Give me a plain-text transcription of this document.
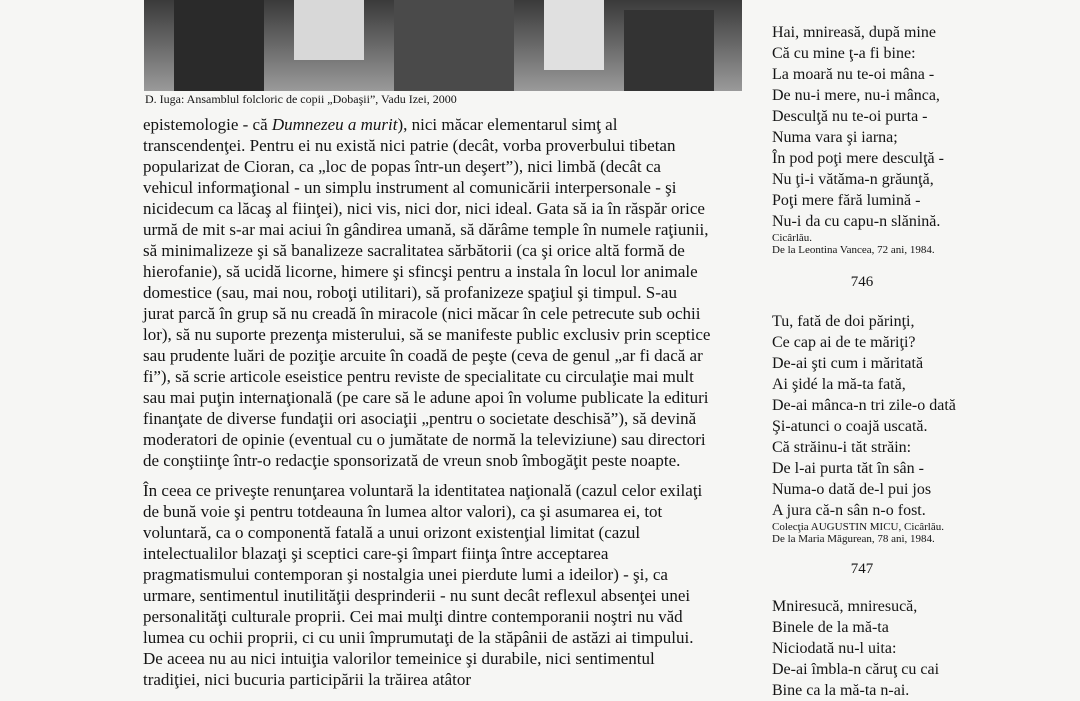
D. Iuga: Ansamblul folcloric de copii „Dobaşii”, Vadu Izei, 2000

epistemologie - că Dumnezeu a murit), nici măcar elementarul simţ al
transcendenţei. Pentru ei nu există nici patrie (decât, vorba proverbului tibetan
popularizat de Cioran, ca „loc de popas într-un deşert”), nici limbă (decât ca
vehicul informaţional - un simplu instrument al comunicării interpersonale - şi
nicidecum ca lăcaş al fiinţei), nici vis, nici dor, nici ideal. Gata să ia în răspăr orice
urmă de mit s-ar mai aciui în gândirea umană, să dărâme temple în numele raţiunii,
să minimalizeze şi să banalizeze sacralitatea sărbătorii (ca şi orice altă formă de
hierofanie), să ucidă licorne, himere şi sfincşi pentru a instala în locul lor animale
domestice (sau, mai nou, roboţi utilitari), să profanizeze spaţiul şi timpul. S-au
jurat parcă în grup să nu creadă în miracole (nici măcar în cele petrecute sub ochii
lor), să nu suporte prezenţa misterului, să se manifeste public exclusiv prin sceptice
sau prudente luări de poziţie arcuite în coadă de peşte (ceva de genul „ar fi dacă ar
fi”), să scrie articole eseistice pentru reviste de specialitate cu circulaţie mai mult
sau mai puţin internaţională (pe care să le adune apoi în volume publicate la edituri
finanţate de diverse fundaţii ori asociaţii „pentru o societate deschisă”), să devină
moderatori de opinie (eventual cu o jumătate de normă la televiziune) sau directori
de conştiinţe într-o redacţie sponsorizată de vreun snob îmbogăţit peste noapte.

În ceea ce priveşte renunţarea voluntară la identitatea naţională (cazul celor exilaţi
de bună voie şi pentru totdeauna în lumea altor valori), ca şi asumarea ei, tot
voluntară, ca o componentă fatală a unui orizont existenţial limitat (cazul
intelectualilor blazaţi şi sceptici care-şi împart fiinţa între acceptarea
pragmatismului contemporan şi nostalgia unei pierdute lumi a ideilor) - şi, ca
urmare, sentimentul inutilităţii desprinderii - nu sunt decât reflexul absenţei unei
personalităţi culturale proprii. Cei mai mulţi dintre contemporanii noştri nu văd
lumea cu ochii proprii, ci cu unii împrumutaţi de la stăpânii de astăzi ai timpului.
De aceea nu au nici intuiţia valorilor temeinice şi durabile, nici sentimentul
tradiţiei, nici bucuria participării la trăirea atâtor

Hai, mnireasă, după mine
Că cu mine ţ-a fi bine:
La moară nu te-oi mâna -
De nu-i mere, nu-i mânca,
Desculţă nu te-oi purta -
Numa vara şi iarna;
În pod poţi mere desculţă -
Nu ţi-i vătăma-n grăunţă,
Poţi mere fără lumină -
Nu-i da cu capu-n slănină.
Cicârlău.
De la Leontina Vancea, 72 ani, 1984.
746
Tu, fată de doi părinţi,
Ce cap ai de te măriţi?
De-ai şti cum i măritată
Ai şidé la mă-ta fată,
De-ai mânca-n tri zile-o dată
Şi-atunci o coajă uscată.
Că străinu-i tăt străin:
De l-ai purta tăt în sân -
Numa-o dată de-l pui jos
A jura că-n sân n-o fost.
Colecţia AUGUSTIN MICU, Cicârlău.
De la Maria Măgurean, 78 ani, 1984.
747
Mniresucă, mniresucă,
Binele de la mă-ta
Niciodată nu-l uita:
De-ai îmbla-n căruţ cu cai
Bine ca la mă-ta n-ai.
